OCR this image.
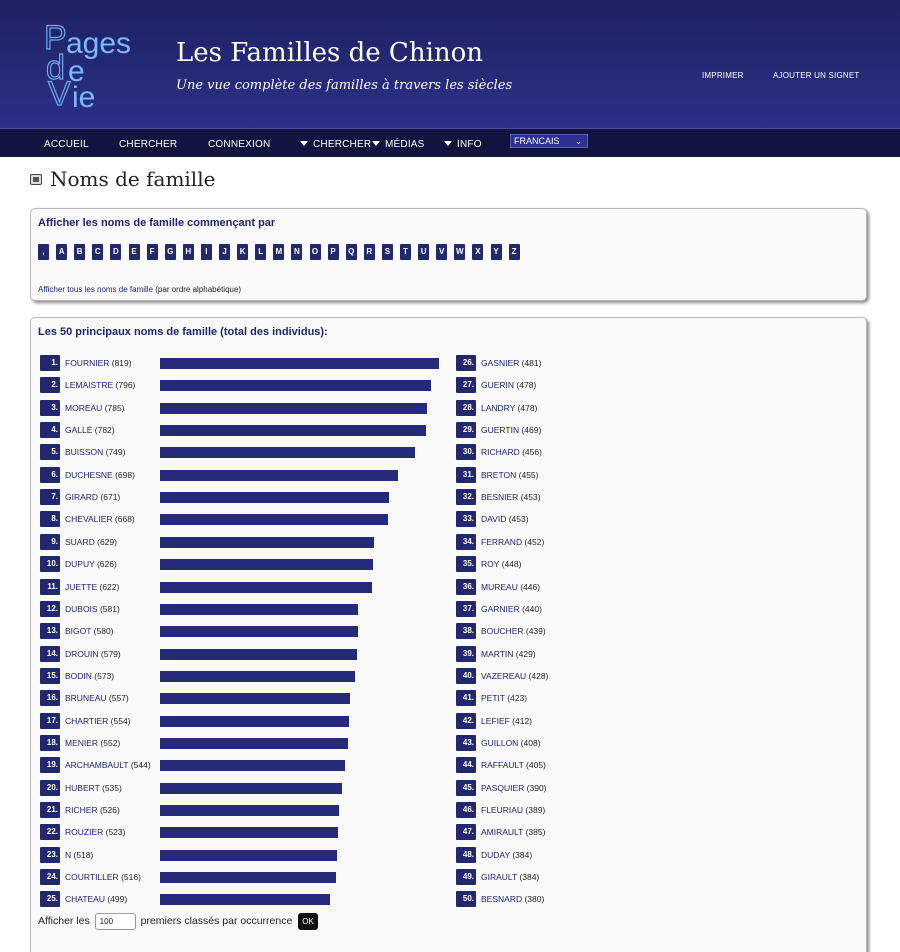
P ages
d e
V ie
Les Familles de Chinon
Une vue complète des familles à travers les siècles
IMPRIMER	AJOUTER UN SIGNET
ACCUEIL	CHERCHER	CONNEXION	CHERCHER	MÉDIAS	INFO	FRANCAIS ⌄
Noms de famille
Afficher les noms de famille commençant par
,	A	B	C	D	E	F	G	H	I	J	K	L	M	N	O	P	Q	R	S	T	U	V	W	X	Y	Z
Afficher tous les noms de famille (par ordre alphabétique)
Les 50 principaux noms de famille (total des individus):
1. FOURNIER (819)
2. LEMAISTRE (796)
3. MOREAU (785)
4. GALLÉ (782)
5. BUISSON (749)
6. DUCHESNE (698)
7. GIRARD (671)
8. CHEVALIER (668)
9. SUARD (629)
10. DUPUY (626)
11. JUETTE (622)
12. DUBOIS (581)
13. BIGOT (580)
14. DROUIN (579)
15. BODIN (573)
16. BRUNEAU (557)
17. CHARTIER (554)
18. MENIER (552)
19. ARCHAMBAULT (544)
20. HUBERT (535)
21. RICHER (526)
22. ROUZIER (523)
23. N (518)
24. COURTILLER (516)
25. CHATEAU (499)
26. GASNIER (481)
27. GUERIN (478)
28. LANDRY (478)
29. GUERTIN (469)
30. RICHARD (456)
31. BRETON (455)
32. BESNIER (453)
33. DAVID (453)
34. FERRAND (452)
35. ROY (448)
36. MUREAU (446)
37. GARNIER (440)
38. BOUCHER (439)
39. MARTIN (429)
40. VAZEREAU (428)
41. PETIT (423)
42. LEFIEF (412)
43. GUILLON (408)
44. RAFFAULT (405)
45. PASQUIER (390)
46. FLEURIAU (389)
47. AMIRAULT (385)
48. DUDAY (384)
49. GIRAULT (384)
50. BESNARD (380)
Afficher les 100	premiers classés par occurrence OK
